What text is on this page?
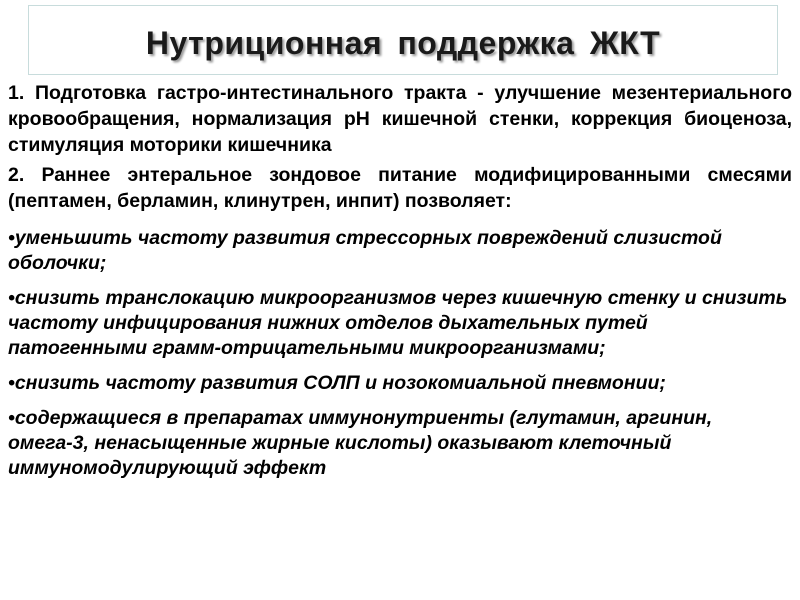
Нутриционная поддержка ЖКТ

1. Подготовка гастро-интестинального тракта - улучшение мезентериального кровообращения, нормализация рН кишечной стенки, коррекция биоценоза, стимуляция моторики кишечника

2. Раннее энтеральное зондовое питание модифицированными смесями (пептамен, берламин, клинутрен, инпит) позволяет:

•уменьшить частоту развития стрессорных повреждений слизистой оболочки;

•снизить транслокацию микроорганизмов через кишечную стенку и снизить частоту инфицирования нижних отделов дыхательных путей патогенными грамм-отрицательными микроорганизмами;

•снизить частоту развития СОЛП и нозокомиальной пневмонии;

•содержащиеся в препаратах иммунонутриенты (глутамин, аргинин, омега-3, ненасыщенные жирные кислоты) оказывают клеточный иммуномодулирующий эффект
